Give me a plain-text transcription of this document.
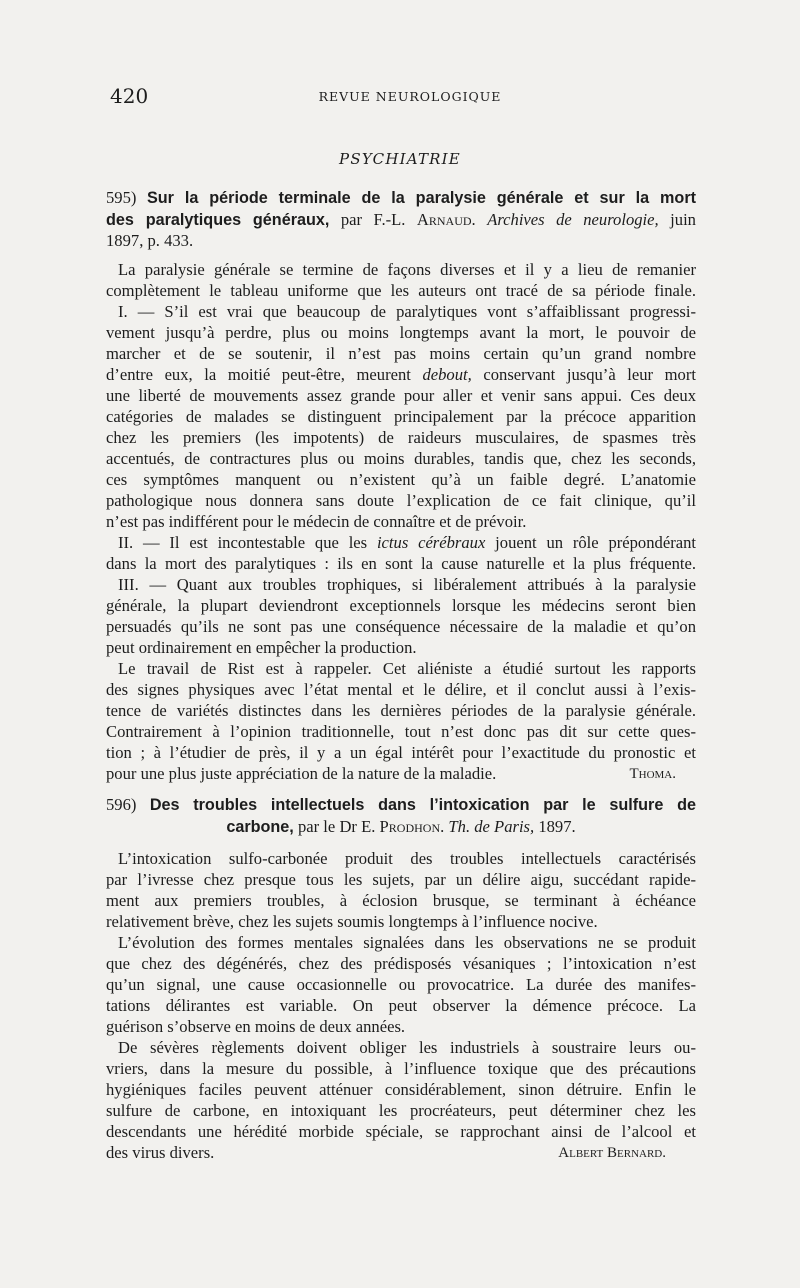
420	REVUE NEUROLOGIQUE
PSYCHIATRIE
595) Sur la période terminale de la paralysie générale et sur la mort
des paralytiques généraux, par F.-L. Arnaud. Archives de neurologie, juin
1897, p. 433.
La paralysie générale se termine de façons diverses et il y a lieu de remanier
complètement le tableau uniforme que les auteurs ont tracé de sa période finale.
I. — S’il est vrai que beaucoup de paralytiques vont s’affaiblissant progressi-
vement jusqu’à perdre, plus ou moins longtemps avant la mort, le pouvoir de
marcher et de se soutenir, il n’est pas moins certain qu’un grand nombre
d’entre eux, la moitié peut-être, meurent debout, conservant jusqu’à leur mort
une liberté de mouvements assez grande pour aller et venir sans appui. Ces deux
catégories de malades se distinguent principalement par la précoce apparition
chez les premiers (les impotents) de raideurs musculaires, de spasmes très
accentués, de contractures plus ou moins durables, tandis que, chez les seconds,
ces symptômes manquent ou n’existent qu’à un faible degré. L’anatomie
pathologique nous donnera sans doute l’explication de ce fait clinique, qu’il
n’est pas indifférent pour le médecin de connaître et de prévoir.
II. — Il est incontestable que les ictus cérébraux jouent un rôle prépondérant
dans la mort des paralytiques : ils en sont la cause naturelle et la plus fréquente.
III. — Quant aux troubles trophiques, si libéralement attribués à la paralysie
générale, la plupart deviendront exceptionnels lorsque les médecins seront bien
persuadés qu’ils ne sont pas une conséquence nécessaire de la maladie et qu’on
peut ordinairement en empêcher la production.
Le travail de Rist est à rappeler. Cet aliéniste a étudié surtout les rapports
des signes physiques avec l’état mental et le délire, et il conclut aussi à l’exis-
tence de variétés distinctes dans les dernières périodes de la paralysie générale.
Contrairement à l’opinion traditionnelle, tout n’est donc pas dit sur cette ques-
tion ; à l’étudier de près, il y a un égal intérêt pour l’exactitude du pronostic et
pour une plus juste appréciation de la nature de la maladie.	Thoma.
596) Des troubles intellectuels dans l’intoxication par le sulfure de
carbone, par le Dr E. Prodhon. Th. de Paris, 1897.
L’intoxication sulfo-carbonée produit des troubles intellectuels caractérisés
par l’ivresse chez presque tous les sujets, par un délire aigu, succédant rapide-
ment aux premiers troubles, à éclosion brusque, se terminant à échéance
relativement brève, chez les sujets soumis longtemps à l’influence nocive.
L’évolution des formes mentales signalées dans les observations ne se produit
que chez des dégénérés, chez des prédisposés vésaniques ; l’intoxication n’est
qu’un signal, une cause occasionnelle ou provocatrice. La durée des manifes-
tations délirantes est variable. On peut observer la démence précoce. La
guérison s’observe en moins de deux années.
De sévères règlements doivent obliger les industriels à soustraire leurs ou-
vriers, dans la mesure du possible, à l’influence toxique que des précautions
hygiéniques faciles peuvent atténuer considérablement, sinon détruire. Enfin le
sulfure de carbone, en intoxiquant les procréateurs, peut déterminer chez les
descendants une hérédité morbide spéciale, se rapprochant ainsi de l’alcool et
des virus divers.	Albert Bernard.
